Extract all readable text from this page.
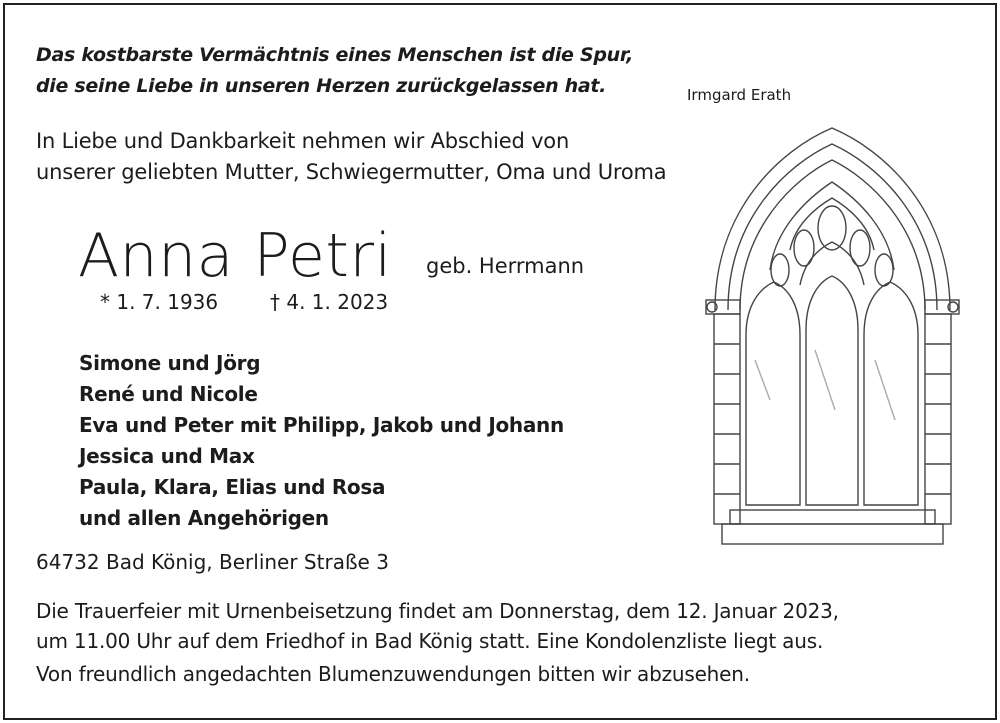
Das kostbarste Vermächtnis eines Menschen ist die Spur,
die seine Liebe in unseren Herzen zurückgelassen hat.	Irmgard Erath
In Liebe und Dankbarkeit nehmen wir Abschied von
unserer geliebten Mutter, Schwiegermutter, Oma und Uroma
Anna Petri geb. Herrmann
* 1. 7. 1936	† 4. 1. 2023
Simone und Jörg
René und Nicole
Eva und Peter mit Philipp, Jakob und Johann
Jessica und Max
Paula, Klara, Elias und Rosa
und allen Angehörigen
64732 Bad König, Berliner Straße 3
Die Trauerfeier mit Urnenbeisetzung findet am Donnerstag, dem 12. Januar 2023,
um 11.00 Uhr auf dem Friedhof in Bad König statt. Eine Kondolenzliste liegt aus.
Von freundlich angedachten Blumenzuwendungen bitten wir abzusehen.
